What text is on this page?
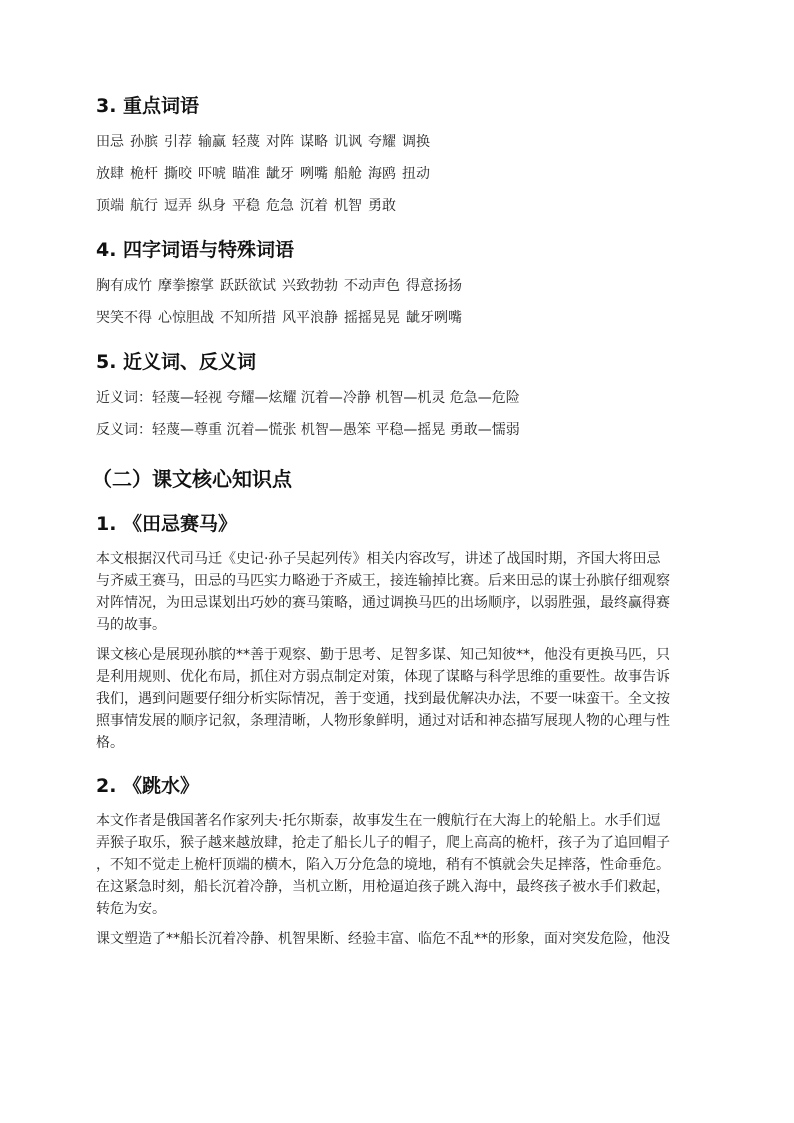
3. 重点词语
田忌 孙膑 引荐 输赢 轻蔑 对阵 谋略 讥讽 夸耀 调换
放肆 桅杆 撕咬 吓唬 瞄准 龇牙 咧嘴 船舱 海鸥 扭动
顶端 航行 逗弄 纵身 平稳 危急 沉着 机智 勇敢
4. 四字词语与特殊词语
胸有成竹 摩拳擦掌 跃跃欲试 兴致勃勃 不动声色 得意扬扬
哭笑不得 心惊胆战 不知所措 风平浪静 摇摇晃晃 龇牙咧嘴
5. 近义词、反义词
近义词：轻蔑—轻视 夸耀—炫耀 沉着—冷静 机智—机灵 危急—危险
反义词：轻蔑—尊重 沉着—慌张 机智—愚笨 平稳—摇晃 勇敢—懦弱
（二）课文核心知识点
1. 《田忌赛马》
本文根据汉代司马迁《史记·孙子吴起列传》相关内容改写，讲述了战国时期，齐国大将田忌
与齐威王赛马，田忌的马匹实力略逊于齐威王，接连输掉比赛。后来田忌的谋士孙膑仔细观察
对阵情况，为田忌谋划出巧妙的赛马策略，通过调换马匹的出场顺序，以弱胜强，最终赢得赛
马的故事。
课文核心是展现孙膑的**善于观察、勤于思考、足智多谋、知己知彼**，他没有更换马匹，只
是利用规则、优化布局，抓住对方弱点制定对策，体现了谋略与科学思维的重要性。故事告诉
我们，遇到问题要仔细分析实际情况，善于变通，找到最优解决办法，不要一味蛮干。全文按
照事情发展的顺序记叙，条理清晰，人物形象鲜明，通过对话和神态描写展现人物的心理与性
格。
2. 《跳水》
本文作者是俄国著名作家列夫·托尔斯泰，故事发生在一艘航行在大海上的轮船上。水手们逗
弄猴子取乐，猴子越来越放肆，抢走了船长儿子的帽子，爬上高高的桅杆，孩子为了追回帽子
，不知不觉走上桅杆顶端的横木，陷入万分危急的境地，稍有不慎就会失足摔落，性命垂危。
在这紧急时刻，船长沉着冷静，当机立断，用枪逼迫孩子跳入海中，最终孩子被水手们救起，
转危为安。
课文塑造了**船长沉着冷静、机智果断、经验丰富、临危不乱**的形象，面对突发危险，他没
